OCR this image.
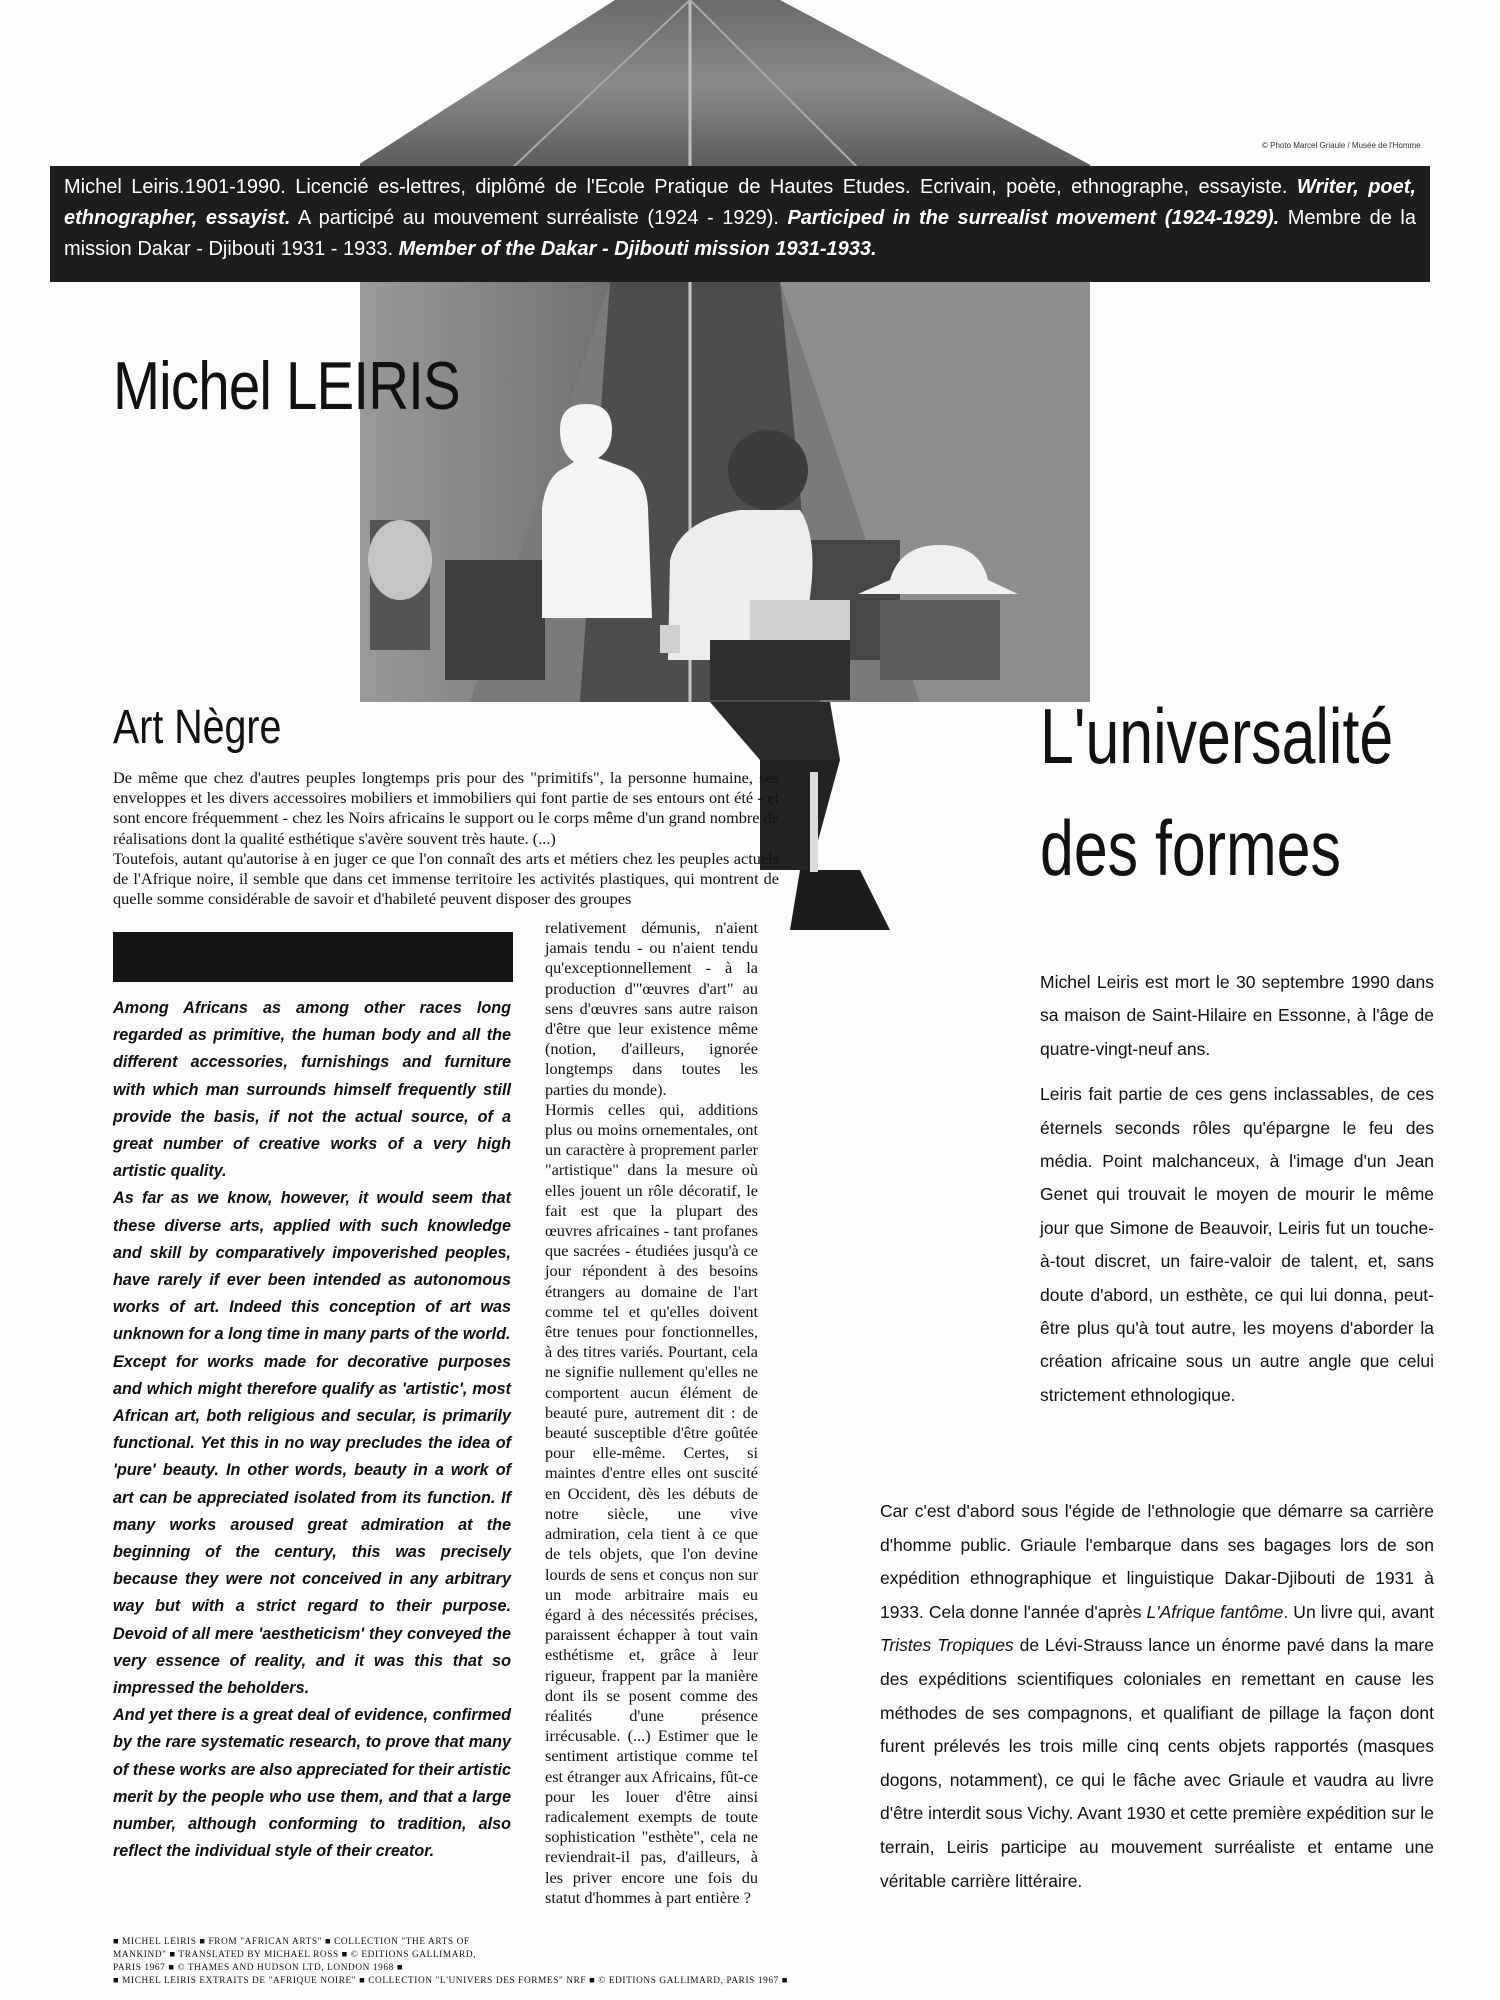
© Photo Marcel Griaule / Musée de l'Homme
Michel Leiris.1901-1990. Licencié es-lettres, diplômé de l'Ecole Pratique de Hautes Etudes. Ecrivain, poète, ethnographe, essayiste. Writer, poet, ethnographer, essayist. A participé au mouvement surréaliste (1924 - 1929). Participed in the surrealist movement (1924-1929). Membre de la mission Dakar - Djibouti 1931 - 1933. Member of the Dakar - Djibouti mission 1931-1933.
Michel LEIRIS
L'universalité
des formes
Art Nègre

De même que chez d'autres peuples longtemps pris pour des "primitifs", la personne humaine, ses enveloppes et les divers accessoires mobiliers et immobiliers qui font partie de ses entours ont été - et sont encore fréquemment - chez les Noirs africains le support ou le corps même d'un grand nombre de réalisations dont la qualité esthétique s'avère souvent très haute. (...)

Toutefois, autant qu'autorise à en juger ce que l'on connaît des arts et métiers chez les peuples actuels de l'Afrique noire, il semble que dans cet immense territoire les activités plastiques, qui montrent de quelle somme considérable de savoir et d'habileté peuvent disposer des groupes

Among Africans as among other races long regarded as primitive, the human body and all the different accessories, furnishings and furniture with which man surrounds himself frequently still provide the basis, if not the actual source, of a great number of creative works of a very high artistic quality.

As far as we know, however, it would seem that these diverse arts, applied with such knowledge and skill by comparatively impoverished peoples, have rarely if ever been intended as autonomous works of art. Indeed this conception of art was unknown for a long time in many parts of the world.

Except for works made for decorative purposes and which might therefore qualify as 'artistic', most African art, both religious and secular, is primarily functional. Yet this in no way precludes the idea of 'pure' beauty. In other words, beauty in a work of art can be appreciated isolated from its function. If many works aroused great admiration at the beginning of the century, this was precisely because they were not conceived in any arbitrary way but with a strict regard to their purpose. Devoid of all mere 'aestheticism' they conveyed the very essence of reality, and it was this that so impressed the beholders.

And yet there is a great deal of evidence, confirmed by the rare systematic research, to prove that many of these works are also appreciated for their artistic merit by the people who use them, and that a large number, although conforming to tradition, also reflect the individual style of their creator.

relativement démunis, n'aient jamais tendu - ou n'aient tendu qu'exceptionnellement - à la production d'"œuvres d'art" au sens d'œuvres sans autre raison d'être que leur existence même (notion, d'ailleurs, ignorée longtemps dans toutes les parties du monde).

Hormis celles qui, additions plus ou moins ornementales, ont un caractère à proprement parler "artistique" dans la mesure où elles jouent un rôle décoratif, le fait est que la plupart des œuvres africaines - tant profanes que sacrées - étudiées jusqu'à ce jour répondent à des besoins étrangers au domaine de l'art comme tel et qu'elles doivent être tenues pour fonctionnelles, à des titres variés. Pourtant, cela ne signifie nullement qu'elles ne comportent aucun élément de beauté pure, autrement dit : de beauté susceptible d'être goûtée pour elle-même. Certes, si maintes d'entre elles ont suscité en Occident, dès les débuts de notre siècle, une vive admiration, cela tient à ce que de tels objets, que l'on devine lourds de sens et conçus non sur un mode arbitraire mais eu égard à des nécessités précises, paraissent échapper à tout vain esthétisme et, grâce à leur rigueur, frappent par la manière dont ils se posent comme des réalités d'une présence irrécusable. (...) Estimer que le sentiment artistique comme tel est étranger aux Africains, fût-ce pour les louer d'être ainsi radicalement exempts de toute sophistication "esthète", cela ne reviendrait-il pas, d'ailleurs, à les priver encore une fois du statut d'hommes à part entière ?

Michel Leiris est mort le 30 septembre 1990 dans sa maison de Saint-Hilaire en Essonne, à l'âge de quatre-vingt-neuf ans.

Leiris fait partie de ces gens inclassables, de ces éternels seconds rôles qu'épargne le feu des média. Point malchanceux, à l'image d'un Jean Genet qui trouvait le moyen de mourir le même jour que Simone de Beauvoir, Leiris fut un touche-à-tout discret, un faire-valoir de talent, et, sans doute d'abord, un esthète, ce qui lui donna, peut-être plus qu'à tout autre, les moyens d'aborder la création africaine sous un autre angle que celui strictement ethnologique.

Car c'est d'abord sous l'égide de l'ethnologie que démarre sa carrière d'homme public. Griaule l'embarque dans ses bagages lors de son expédition ethnographique et linguistique Dakar-Djibouti de 1931 à 1933. Cela donne l'année d'après L'Afrique fantôme. Un livre qui, avant Tristes Tropiques de Lévi-Strauss lance un énorme pavé dans la mare des expéditions scientifiques coloniales en remettant en cause les méthodes de ses compagnons, et qualifiant de pillage la façon dont furent prélevés les trois mille cinq cents objets rapportés (masques dogons, notamment), ce qui le fâche avec Griaule et vaudra au livre d'être interdit sous Vichy. Avant 1930 et cette première expédition sur le terrain, Leiris participe au mouvement surréaliste et entame une véritable carrière littéraire.

■ MICHEL LEIRIS ■ FROM "AFRICAN ARTS" ■ COLLECTION "THE ARTS OF
MANKIND" ■ TRANSLATED BY MICHAEL ROSS ■ © EDITIONS GALLIMARD,
PARIS 1967 ■ © THAMES AND HUDSON LTD, LONDON 1968 ■
■ MICHEL LEIRIS EXTRAITS DE "AFRIQUE NOIRE" ■ COLLECTION "L'UNIVERS DES FORMES" NRF ■ © EDITIONS GALLIMARD, PARIS 1967 ■
